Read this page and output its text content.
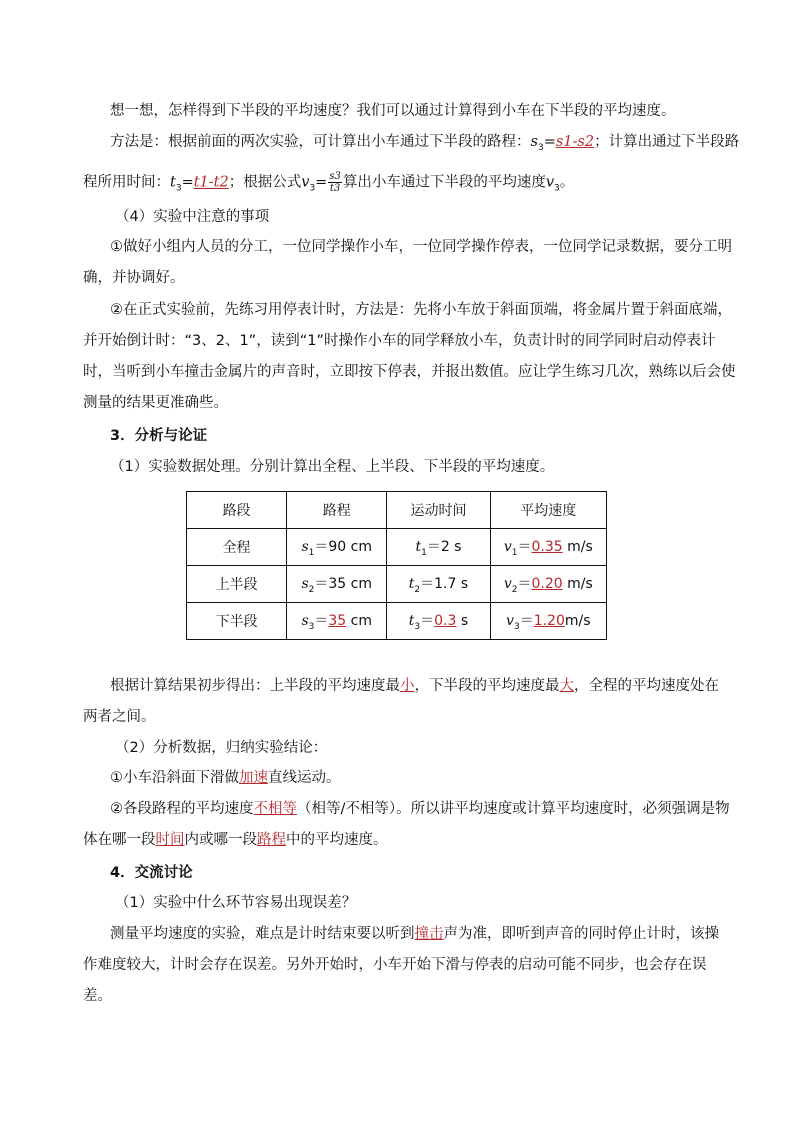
想一想，怎样得到下半段的平均速度？我们可以通过计算得到小车在下半段的平均速度。
方法是：根据前面的两次实验，可计算出小车通过下半段的路程：$s_3=s1-s2$；计算出通过下半段路
程所用时间：$t_3=t1-t2$；根据公式$v_3= \frac{s3}{t3}$ 算出小车通过下半段的平均速度$v_3$。
（4）实验中注意的事项
①做好小组内人员的分工，一位同学操作小车，一位同学操作停表，一位同学记录数据，要分工明
确，并协调好。
②在正式实验前，先练习用停表计时，方法是：先将小车放于斜面顶端，将金属片置于斜面底端，
并开始倒计时：“3、2、1”，读到“1”时操作小车的同学释放小车，负责计时的同学同时启动停表计
时，当听到小车撞击金属片的声音时，立即按下停表，并报出数值。应让学生练习几次，熟练以后会使
测量的结果更准确些。
3．分析与论证
（1）实验数据处理。分别计算出全程、上半段、下半段的平均速度。
路段	路程	运动时间	平均速度
全程	$s_1=90$ cm	$t_1=2$ s	$v_1=0.35$ m/s
上半段	$s_2=35$ cm	$t_2=1.7$ s	$v_2=0.20$ m/s
下半段	$s_3=35$ cm	$t_3=0.3$ s	$v_3=1.20m/s$
根据计算结果初步得出：上半段的平均速度最小，下半段的平均速度最大，全程的平均速度处在
两者之间。
（2）分析数据，归纳实验结论：
①小车沿斜面下滑做加速直线运动。
②各段路程的平均速度不相等（相等/不相等）。所以讲平均速度或计算平均速度时，必须强调是物
体在哪一段时间内或哪一段路程中的平均速度。
4．交流讨论
（1）实验中什么环节容易出现误差？
测量平均速度的实验，难点是计时结束要以听到撞击声为准，即听到声音的同时停止计时，该操
作难度较大，计时会存在误差。另外开始时，小车开始下滑与停表的启动可能不同步，也会存在误
差。
